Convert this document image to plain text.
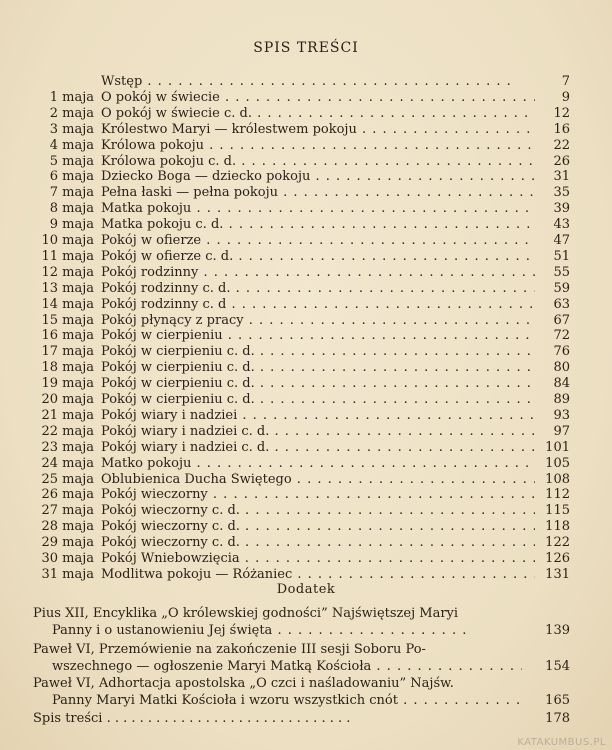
SPIS TREŚCI
Wstęp . .	7
1 maja O pokój w świecie . .	9
2 maja O pokój w świecie c. d. . .	12
3 maja Królestwo Maryi — królestwem pokoju . .	16
4 maja Królowa pokoju . .	22
5 maja Królowa pokoju c. d. . .	26
6 maja Dziecko Boga — dziecko pokoju . .	31
7 maja Pełna łaski — pełna pokoju . .	35
8 maja Matka pokoju . .	39
9 maja Matka pokoju c. d. . .	43
10 maja Pokój w ofierze . .	47
11 maja Pokój w ofierze c. d. . .	51
12 maja Pokój rodzinny . .	55
13 maja Pokój rodzinny c. d. . .	59
14 maja Pokój rodzinny c. d . .	63
15 maja Pokój płynący z pracy . .	67
16 maja Pokój w cierpieniu . .	72
17 maja Pokój w cierpieniu c. d. . .	76
18 maja Pokój w cierpieniu c. d. . .	80
19 maja Pokój w cierpieniu c. d. . .	84
20 maja Pokój w cierpieniu c. d. . .	89
21 maja Pokój wiary i nadziei . .	93
22 maja Pokój wiary i nadziei c. d. . .	97
23 maja Pokój wiary i nadziei c. d. . .	101
24 maja Matko pokoju . .	105
25 maja Oblubienica Ducha Świętego . .	108
26 maja Pokój wieczorny . .	112
27 maja Pokój wieczorny c. d. . .	115
28 maja Pokój wieczorny c. d. . .	118
29 maja Pokój wieczorny c. d. . .	122
30 maja Pokój Wniebowzięcia . .	126
31 maja Modlitwa pokoju — Różaniec . .	131
Dodatek
Pius XII, Encyklika „O królewskiej godności” Najświętszej Maryi
Panny i o ustanowieniu Jej święta . .	139
Paweł VI, Przemówienie na zakończenie III sesji Soboru Po-
wszechnego — ogłoszenie Maryi Matką Kościoła . .	154
Paweł VI, Adhortacja apostolska „O czci i naśladowaniu” Najśw.
Panny Maryi Matki Kościoła i wzoru wszystkich cnót . .	165
Spis treści . . . . . . . . . . . . . . . . . . . . . . . . . . . . . .	178
KATAKUMBUS.PL
